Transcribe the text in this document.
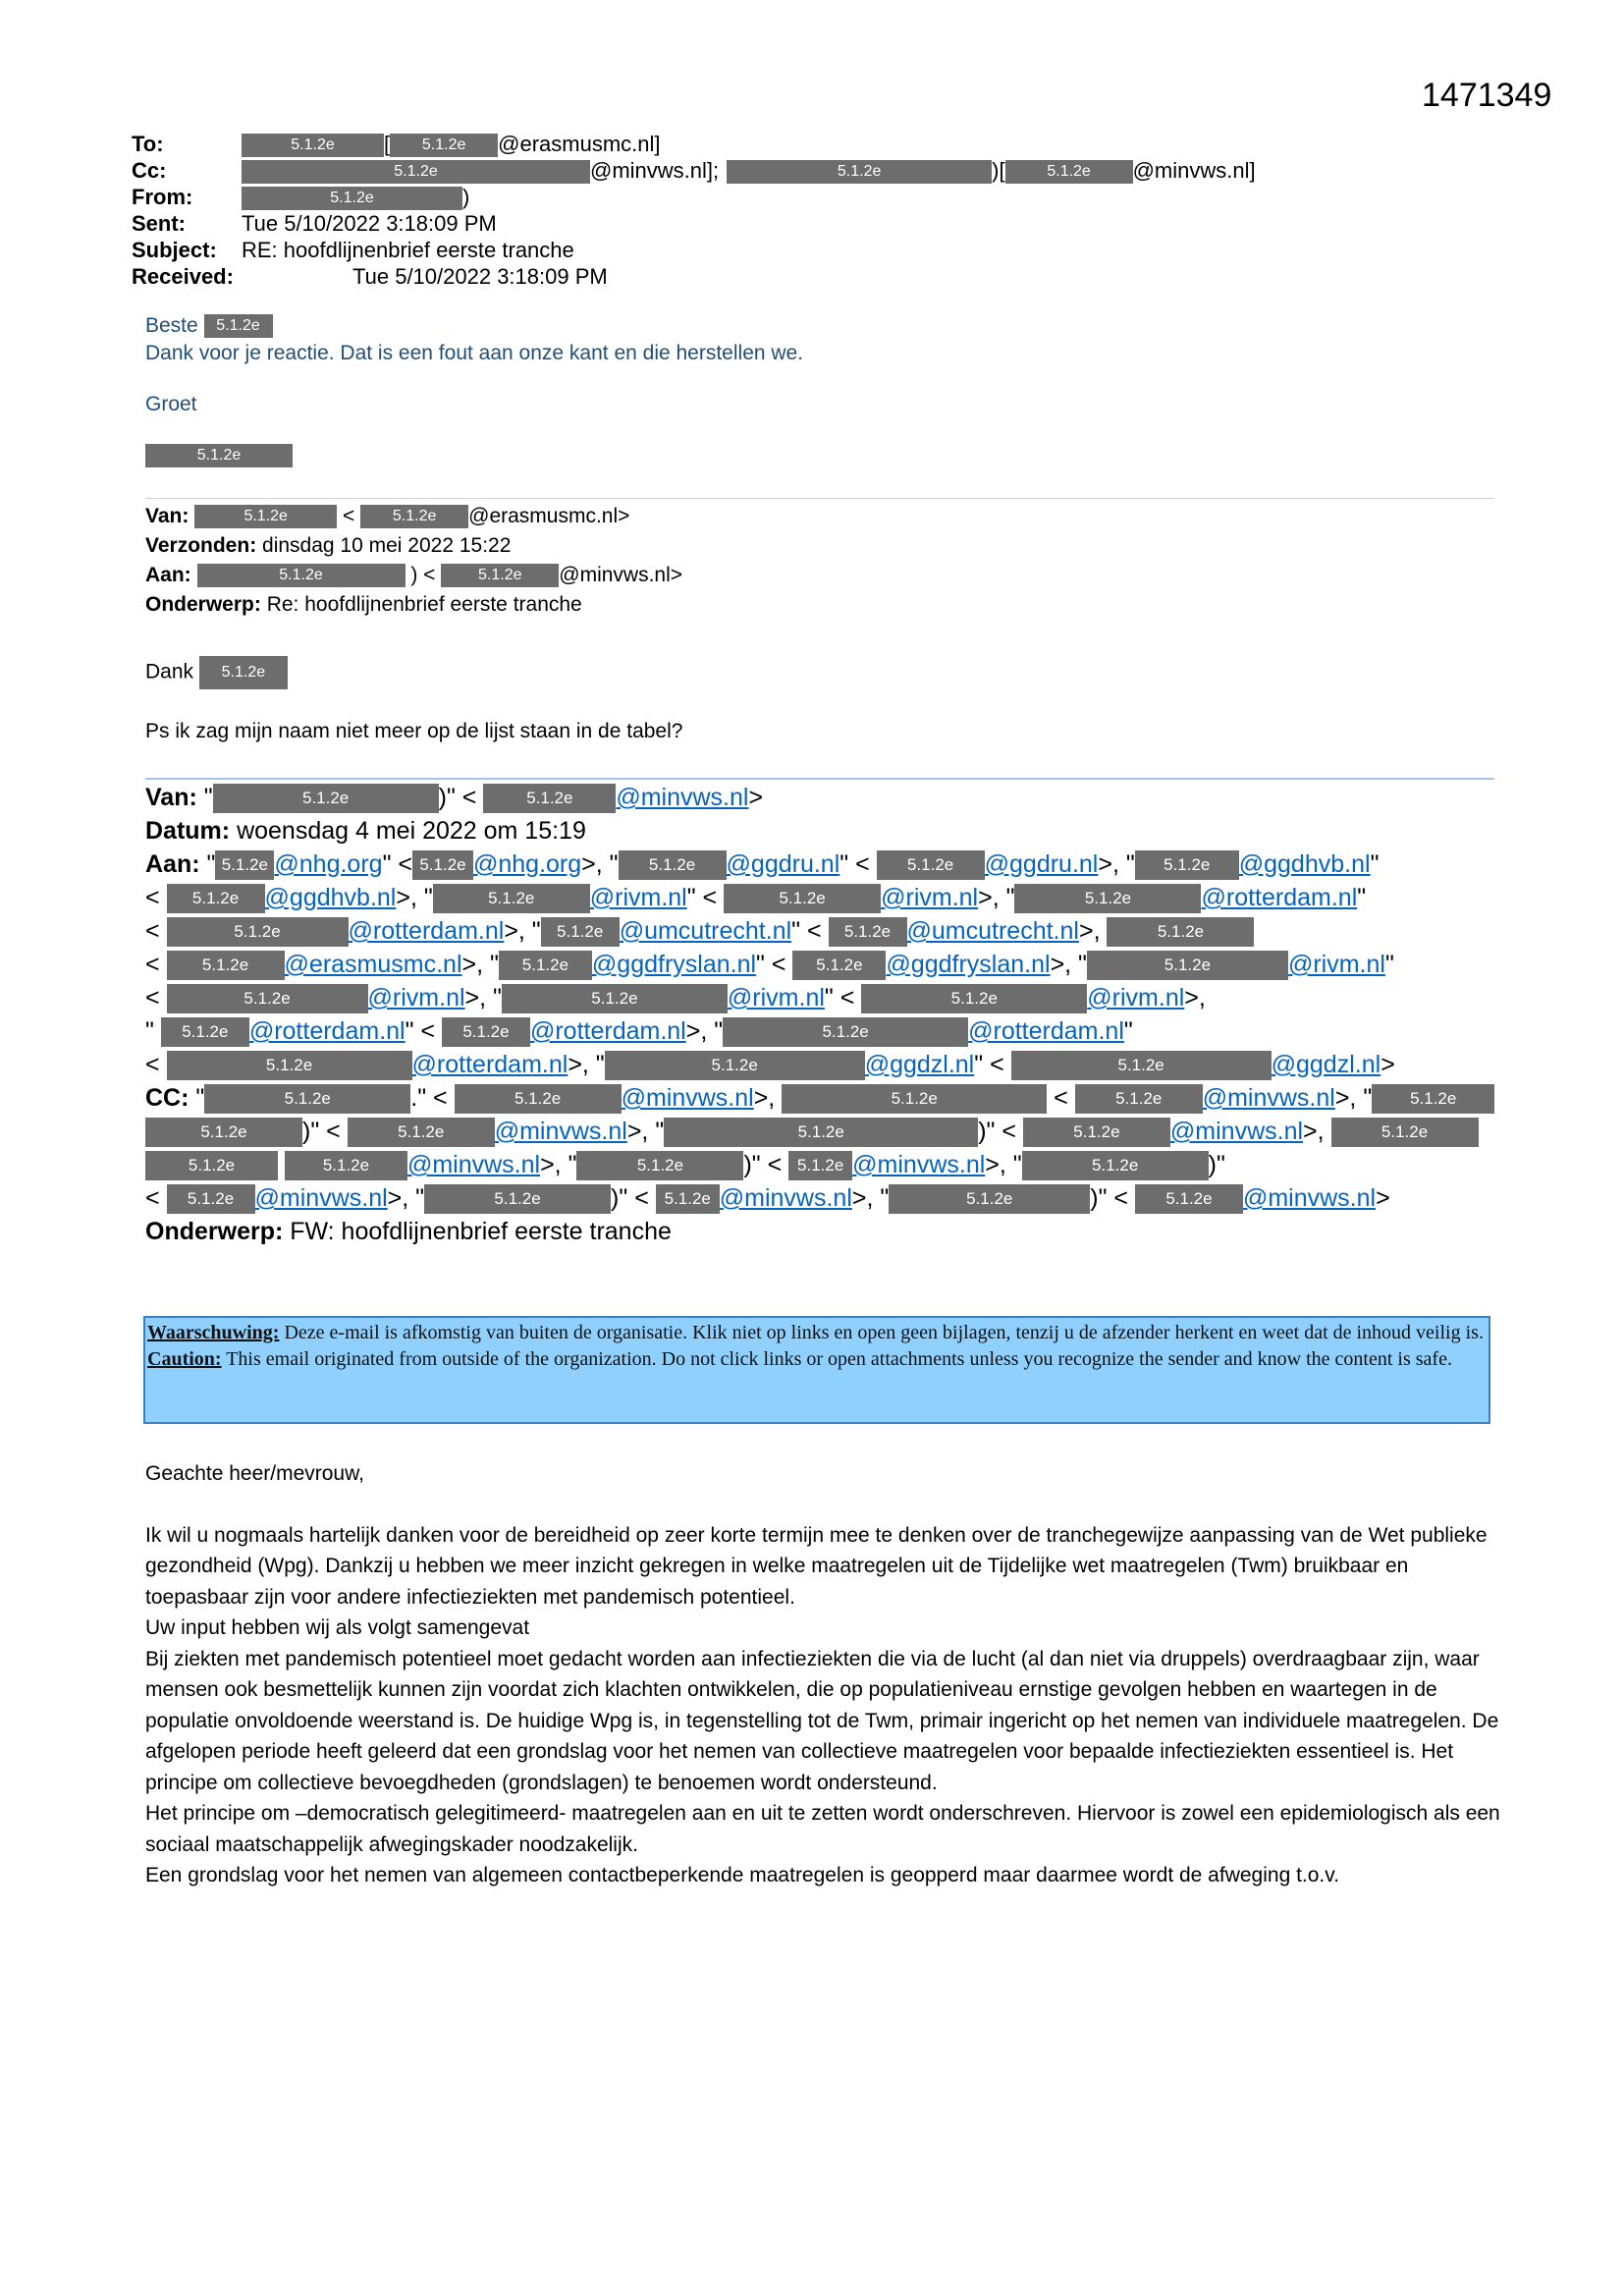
1471349
To:	5.1.2e [ 5.1.2e @erasmusmc.nl]
Cc:	5.1.2e	@minvws.nl];	5.1.2e	)[	5.1.2e @minvws.nl]
From:	5.1.2e	)
Sent:	Tue 5/10/2022 3:18:09 PM
Subject: RE: hoofdlijnenbrief eerste tranche
Received:	Tue 5/10/2022 3:18:09 PM
Beste 5.1.2e
Dank voor je reactie. Dat is een fout aan onze kant en die herstellen we.
Groet
5.1.2e
Van:	5.1.2e < 5.1.2e @erasmusmc.nl>
Verzonden: dinsdag 10 mei 2022 15:22
Aan:	5.1.2e	) < 5.1.2e @minvws.nl>
Onderwerp: Re: hoofdlijnenbrief eerste tranche
Dank 5.1.2e
Ps ik zag mijn naam niet meer op de lijst staan in de tabel?
Van: "	5.1.2e	)" <	5.1.2e @minvws.nl>
Datum: woensdag 4 mei 2022 om 15:19
Aan: " 5.1.2e @nhg.org" < 5.1.2e @nhg.org>, " 5.1.2e @ggdru.nl" < 5.1.2e @ggdru.nl>, " 5.1.2e @ggdhvb.nl"
< 5.1.2e @ggdhvb.nl>, "	5.1.2e @rivm.nl" <	5.1.2e @rivm.nl>, "	5.1.2e	@rotterdam.nl"
<	5.1.2e	@rotterdam.nl>, " 5.1.2e @umcutrecht.nl" < 5.1.2e @umcutrecht.nl>,	5.1.2e
< 5.1.2e @erasmusmc.nl>, " 5.1.2e @ggdfryslan.nl" < 5.1.2e @ggdfryslan.nl>, "	5.1.2e	@rivm.nl"
<	5.1.2e	@rivm.nl>, "	5.1.2e	@rivm.nl" <	5.1.2e	@rivm.nl>,
" 5.1.2e @rotterdam.nl" < 5.1.2e @rotterdam.nl>, "	5.1.2e	@rotterdam.nl"
<	5.1.2e	@rotterdam.nl>, "	5.1.2e	@ggdzl.nl" <	5.1.2e	@ggdzl.nl>
CC: "	5.1.2e	." <	5.1.2e @minvws.nl>,	5.1.2e	< 5.1.2e @minvws.nl>, " 5.1.2e
5.1.2e )" <	5.1.2e @minvws.nl>, "	5.1.2e	)" <	5.1.2e @minvws.nl>,	5.1.2e
5.1.2e	5.1.2e @minvws.nl>, "	5.1.2e )" < 5.1.2e @minvws.nl>, "	5.1.2e	)"
< 5.1.2e @minvws.nl>, "	5.1.2e	)" < 5.1.2e @minvws.nl>, "	5.1.2e	)" < 5.1.2e @minvws.nl>
Onderwerp: FW: hoofdlijnenbrief eerste tranche
Waarschuwing: Deze e-mail is afkomstig van buiten de organisatie. Klik niet op links en open geen bijlagen, tenzij u de afzender herkent en weet dat de inhoud veilig is.
Caution: This email originated from outside of the organization. Do not click links or open attachments unless you recognize the sender and know the content is safe.

Geachte heer/mevrouw,

Ik wil u nogmaals hartelijk danken voor de bereidheid op zeer korte termijn mee te denken over de tranchegewijze aanpassing van de Wet publieke gezondheid (Wpg). Dankzij u hebben we meer inzicht gekregen in welke maatregelen uit de Tijdelijke wet maatregelen (Twm) bruikbaar en toepasbaar zijn voor andere infectieziekten met pandemisch potentieel.

Uw input hebben wij als volgt samengevat

Bij ziekten met pandemisch potentieel moet gedacht worden aan infectieziekten die via de lucht (al dan niet via druppels) overdraagbaar zijn, waar mensen ook besmettelijk kunnen zijn voordat zich klachten ontwikkelen, die op populatieniveau ernstige gevolgen hebben en waartegen in de populatie onvoldoende weerstand is. De huidige Wpg is, in tegenstelling tot de Twm, primair ingericht op het nemen van individuele maatregelen. De afgelopen periode heeft geleerd dat een grondslag voor het nemen van collectieve maatregelen voor bepaalde infectieziekten essentieel is. Het principe om collectieve bevoegdheden (grondslagen) te benoemen wordt ondersteund.

Het principe om –democratisch gelegitimeerd- maatregelen aan en uit te zetten wordt onderschreven. Hiervoor is zowel een epidemiologisch als een sociaal maatschappelijk afwegingskader noodzakelijk.

Een grondslag voor het nemen van algemeen contactbeperkende maatregelen is geopperd maar daarmee wordt de afweging t.o.v.
